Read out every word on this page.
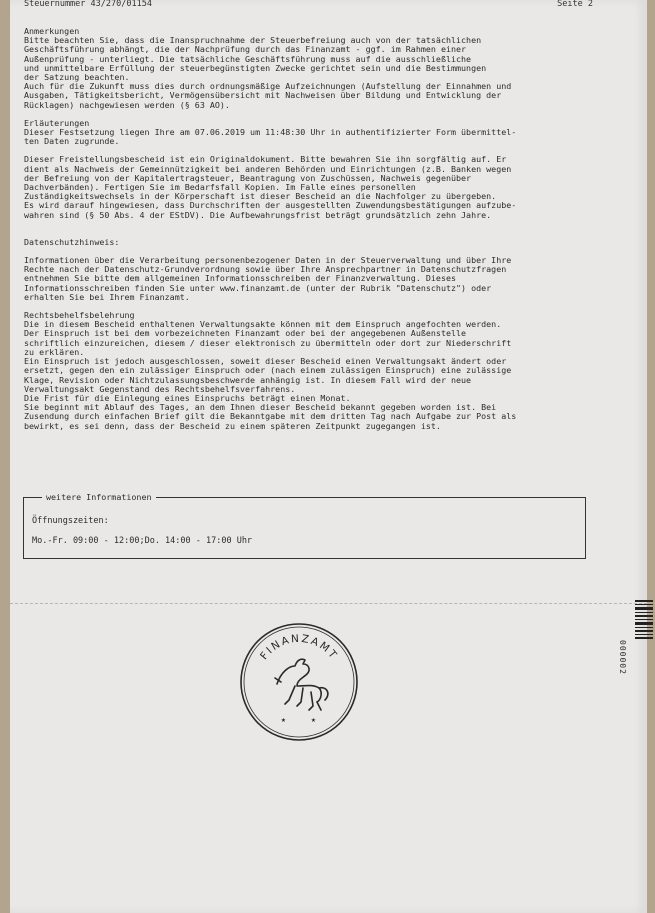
Steuernummer 43/270/01154	Seite 2
Anmerkungen
Bitte beachten Sie, dass die Inanspruchnahme der Steuerbefreiung auch von der tatsächlichen
Geschäftsführung abhängt, die der Nachprüfung durch das Finanzamt - ggf. im Rahmen einer
Außenprüfung - unterliegt. Die tatsächliche Geschäftsführung muss auf die ausschließliche
und unmittelbare Erfüllung der steuerbegünstigten Zwecke gerichtet sein und die Bestimmungen
der Satzung beachten.
Auch für die Zukunft muss dies durch ordnungsmäßige Aufzeichnungen (Aufstellung der Einnahmen und
Ausgaben, Tätigkeitsbericht, Vermögensübersicht mit Nachweisen über Bildung und Entwicklung der
Rücklagen) nachgewiesen werden (§ 63 AO).
Erläuterungen
Dieser Festsetzung liegen Ihre am 07.06.2019 um 11:48:30 Uhr in authentifizierter Form übermittel-
ten Daten zugrunde.
Dieser Freistellungsbescheid ist ein Originaldokument. Bitte bewahren Sie ihn sorgfältig auf. Er
dient als Nachweis der Gemeinnützigkeit bei anderen Behörden und Einrichtungen (z.B. Banken wegen
der Befreiung von der Kapitalertragsteuer, Beantragung von Zuschüssen, Nachweis gegenüber
Dachverbänden). Fertigen Sie im Bedarfsfall Kopien. Im Falle eines personellen
Zuständigkeitswechsels in der Körperschaft ist dieser Bescheid an die Nachfolger zu übergeben.
Es wird darauf hingewiesen, dass Durchschriften der ausgestellten Zuwendungsbestätigungen aufzube-
wahren sind (§ 50 Abs. 4 der EStDV). Die Aufbewahrungsfrist beträgt grundsätzlich zehn Jahre.
Datenschutzhinweis:
Informationen über die Verarbeitung personenbezogener Daten in der Steuerverwaltung und über Ihre
Rechte nach der Datenschutz-Grundverordnung sowie über Ihre Ansprechpartner in Datenschutzfragen
entnehmen Sie bitte dem allgemeinen Informationsschreiben der Finanzverwaltung. Dieses
Informationsschreiben finden Sie unter www.finanzamt.de (unter der Rubrik "Datenschutz") oder
erhalten Sie bei Ihrem Finanzamt.
Rechtsbehelfsbelehrung
Die in diesem Bescheid enthaltenen Verwaltungsakte können mit dem Einspruch angefochten werden.
Der Einspruch ist bei dem vorbezeichneten Finanzamt oder bei der angegebenen Außenstelle
schriftlich einzureichen, diesem / dieser elektronisch zu übermitteln oder dort zur Niederschrift
zu erklären.
Ein Einspruch ist jedoch ausgeschlossen, soweit dieser Bescheid einen Verwaltungsakt ändert oder
ersetzt, gegen den ein zulässiger Einspruch oder (nach einem zulässigen Einspruch) eine zulässige
Klage, Revision oder Nichtzulassungsbeschwerde anhängig ist. In diesem Fall wird der neue
Verwaltungsakt Gegenstand des Rechtsbehelfsverfahrens.
Die Frist für die Einlegung eines Einspruchs beträgt einen Monat.
Sie beginnt mit Ablauf des Tages, an dem Ihnen dieser Bescheid bekannt gegeben worden ist. Bei
Zusendung durch einfachen Brief gilt die Bekanntgabe mit dem dritten Tag nach Aufgabe zur Post als
bewirkt, es sei denn, dass der Bescheid zu einem späteren Zeitpunkt zugegangen ist.
weitere Informationen
Öffnungszeiten:
Mo.-Fr. 09:00 - 12:00;Do. 14:00 - 17:00 Uhr
FINANZAMT
★	★
000002
